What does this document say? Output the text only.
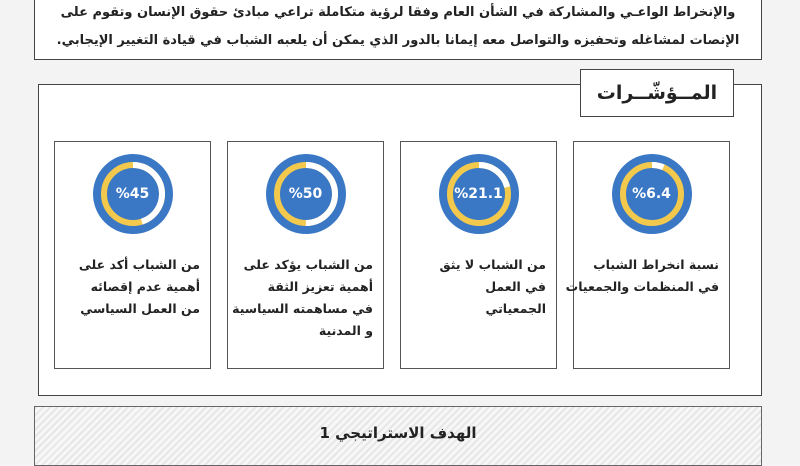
والإنخراط الواعـي والمشاركة في الشأن العام وفقا لرؤية متكاملة تراعي مبادئ حقوق الإنسان وتقوم على

الإنصات لمشاغله وتحفيزه والتواصل معه إيمانا بالدور الذي يمكن أن يلعبه الشباب في قيادة التغيير الإيجابي.

المــؤشّــرات
%6.4
نسبة انخراط الشباب
في المنظمات والجمعيات
%21.1
من الشباب لا يثق
في العمل
الجمعياتي
%50
من الشباب يؤكد على
أهمية تعزيز الثقة
في مساهمته السياسية
و المدنية
%45
من الشباب أكد على
أهمية عدم إقصائه
من العمل السياسي
الهدف الاستراتيجي 1
